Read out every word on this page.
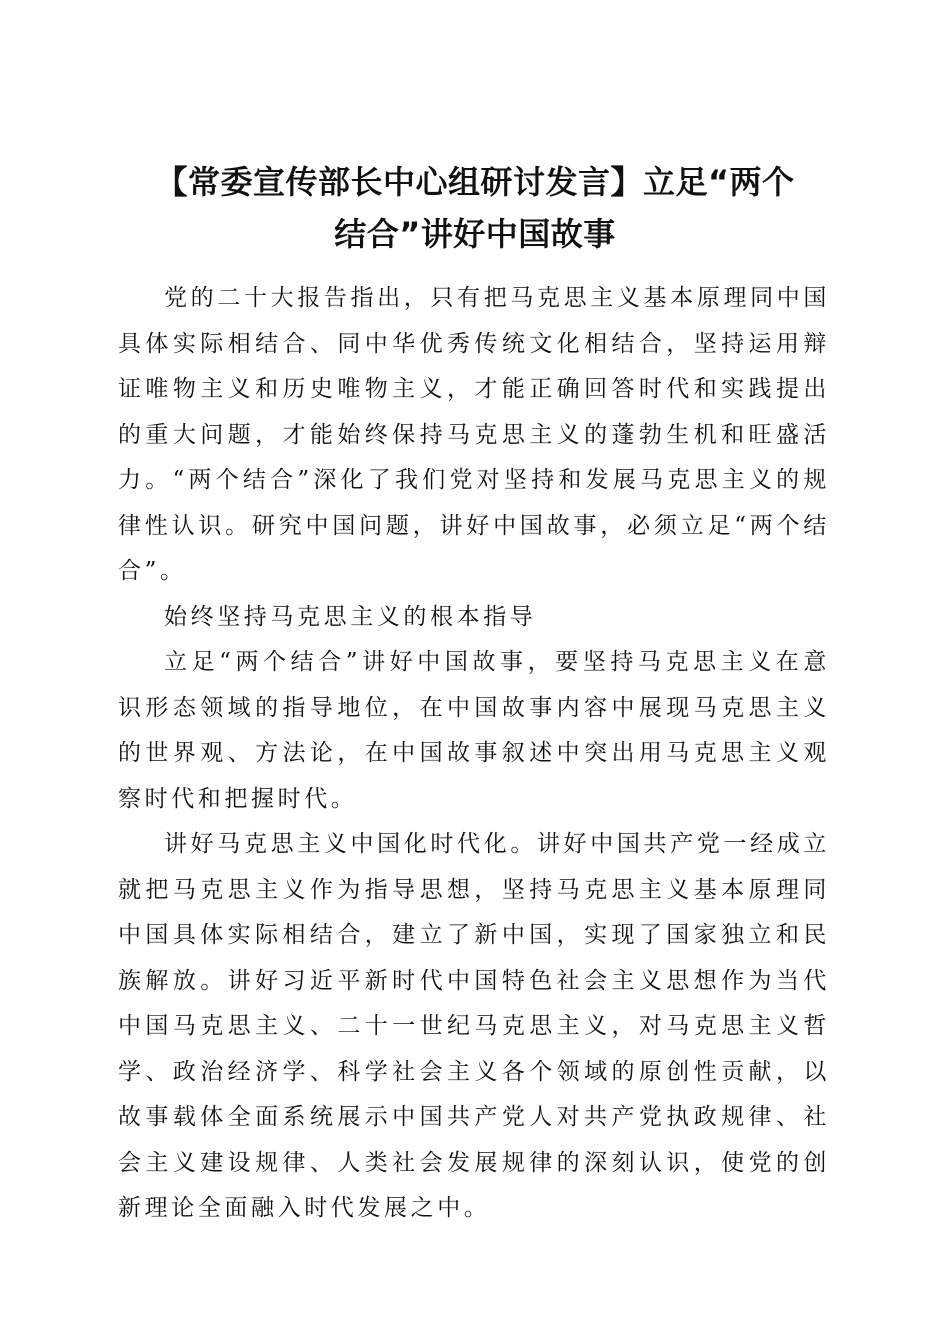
【常委宣传部长中心组研讨发言】立足“两个
结合”讲好中国故事

党的二十大报告指出，只有把马克思主义基本原理同中国具体实际相结合、同中华优秀传统文化相结合，坚持运用辩证唯物主义和历史唯物主义，才能正确回答时代和实践提出的重大问题，才能始终保持马克思主义的蓬勃生机和旺盛活力。“两个结合”深化了我们党对坚持和发展马克思主义的规律性认识。研究中国问题，讲好中国故事，必须立足“两个结合”。

始终坚持马克思主义的根本指导

立足“两个结合”讲好中国故事，要坚持马克思主义在意识形态领域的指导地位，在中国故事内容中展现马克思主义的世界观、方法论，在中国故事叙述中突出用马克思主义观察时代和把握时代。

讲好马克思主义中国化时代化。讲好中国共产党一经成立就把马克思主义作为指导思想，坚持马克思主义基本原理同中国具体实际相结合，建立了新中国，实现了国家独立和民族解放。讲好习近平新时代中国特色社会主义思想作为当代中国马克思主义、二十一世纪马克思主义，对马克思主义哲学、政治经济学、科学社会主义各个领域的原创性贡献，以故事载体全面系统展示中国共产党人对共产党执政规律、社会主义建设规律、人类社会发展规律的深刻认识，使党的创新理论全面融入时代发展之中。
